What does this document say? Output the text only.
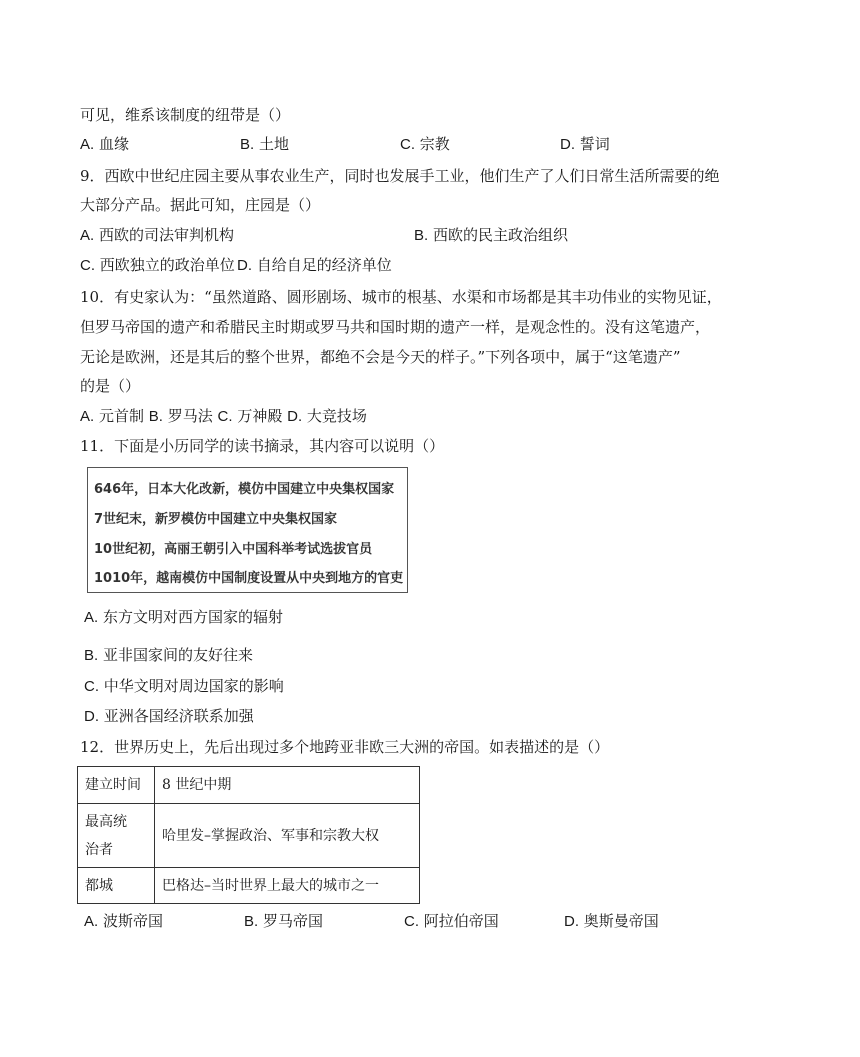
可见，维系该制度的纽带是（）
A. 血缘	B. 土地	C. 宗教	D. 誓词
9．西欧中世纪庄园主要从事农业生产，同时也发展手工业，他们生产了人们日常生活所需要的绝
大部分产品。据此可知，庄园是（）
A. 西欧的司法审判机构	B. 西欧的民主政治组织
C. 西欧独立的政治单位 D. 自给自足的经济单位
10．有史家认为：“虽然道路、圆形剧场、城市的根基、水渠和市场都是其丰功伟业的实物见证，
但罗马帝国的遗产和希腊民主时期或罗马共和国时期的遗产一样，是观念性的。没有这笔遗产，
无论是欧洲，还是其后的整个世界，都绝不会是今天的样子。”下列各项中，属于“这笔遗产”
的是（）
A. 元首制 B. 罗马法 C. 万神殿 D. 大竞技场
11．下面是小历同学的读书摘录，其内容可以说明（）
646年，日本大化改新，模仿中国建立中央集权国家
7世纪末，新罗模仿中国建立中央集权国家
10世纪初，高丽王朝引入中国科举考试选拔官员
1010年，越南模仿中国制度设置从中央到地方的官吏
A. 东方文明对西方国家的辐射
B. 亚非国家间的友好往来
C. 中华文明对周边国家的影响
D. 亚洲各国经济联系加强
12．世界历史上，先后出现过多个地跨亚非欧三大洲的帝国。如表描述的是（）
建立时间	8 世纪中期

最高统
治者	哈里发–掌握政治、军事和宗教大权
都城	巴格达–当时世界上最大的城市之一
A. 波斯帝国	B. 罗马帝国	C. 阿拉伯帝国	D. 奥斯曼帝国
